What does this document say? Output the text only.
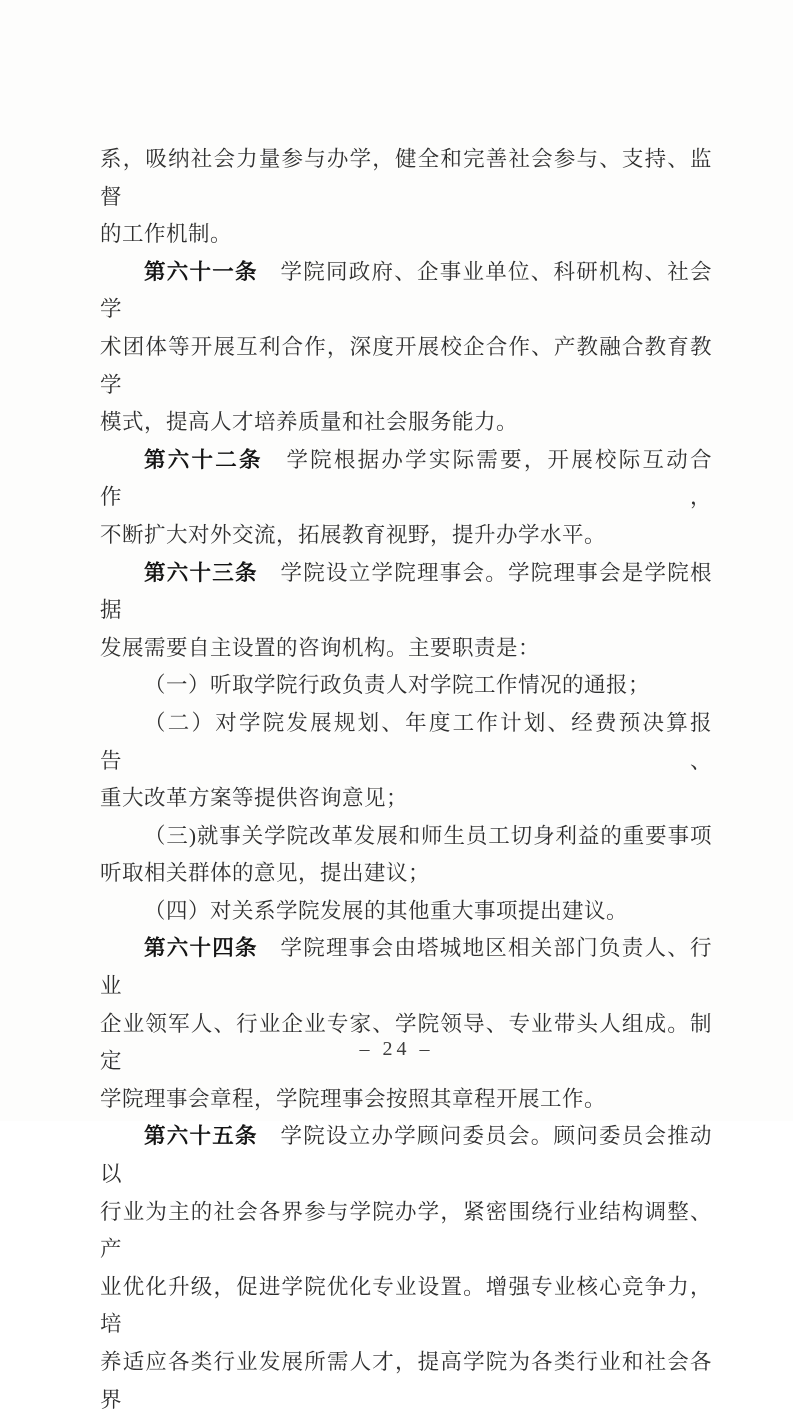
系，吸纳社会力量参与办学，健全和完善社会参与、支持、监督
的工作机制。
第六十一条　学院同政府、企事业单位、科研机构、社会学
术团体等开展互利合作，深度开展校企合作、产教融合教育教学
模式，提高人才培养质量和社会服务能力。
第六十二条　学院根据办学实际需要，开展校际互动合作，
不断扩大对外交流，拓展教育视野，提升办学水平。
第六十三条　学院设立学院理事会。学院理事会是学院根据
发展需要自主设置的咨询机构。主要职责是：
（一）听取学院行政负责人对学院工作情况的通报；
（二）对学院发展规划、年度工作计划、经费预决算报告、
重大改革方案等提供咨询意见；
（三)就事关学院改革发展和师生员工切身利益的重要事项
听取相关群体的意见，提出建议；
（四）对关系学院发展的其他重大事项提出建议。
第六十四条　学院理事会由塔城地区相关部门负责人、行业
企业领军人、行业企业专家、学院领导、专业带头人组成。制定
学院理事会章程，学院理事会按照其章程开展工作。
第六十五条　学院设立办学顾问委员会。顾问委员会推动以
行业为主的社会各界参与学院办学，紧密围绕行业结构调整、产
业优化升级，促进学院优化专业设置。增强专业核心竞争力，培
养适应各类行业发展所需人才，提高学院为各类行业和社会各界
– 24 –
